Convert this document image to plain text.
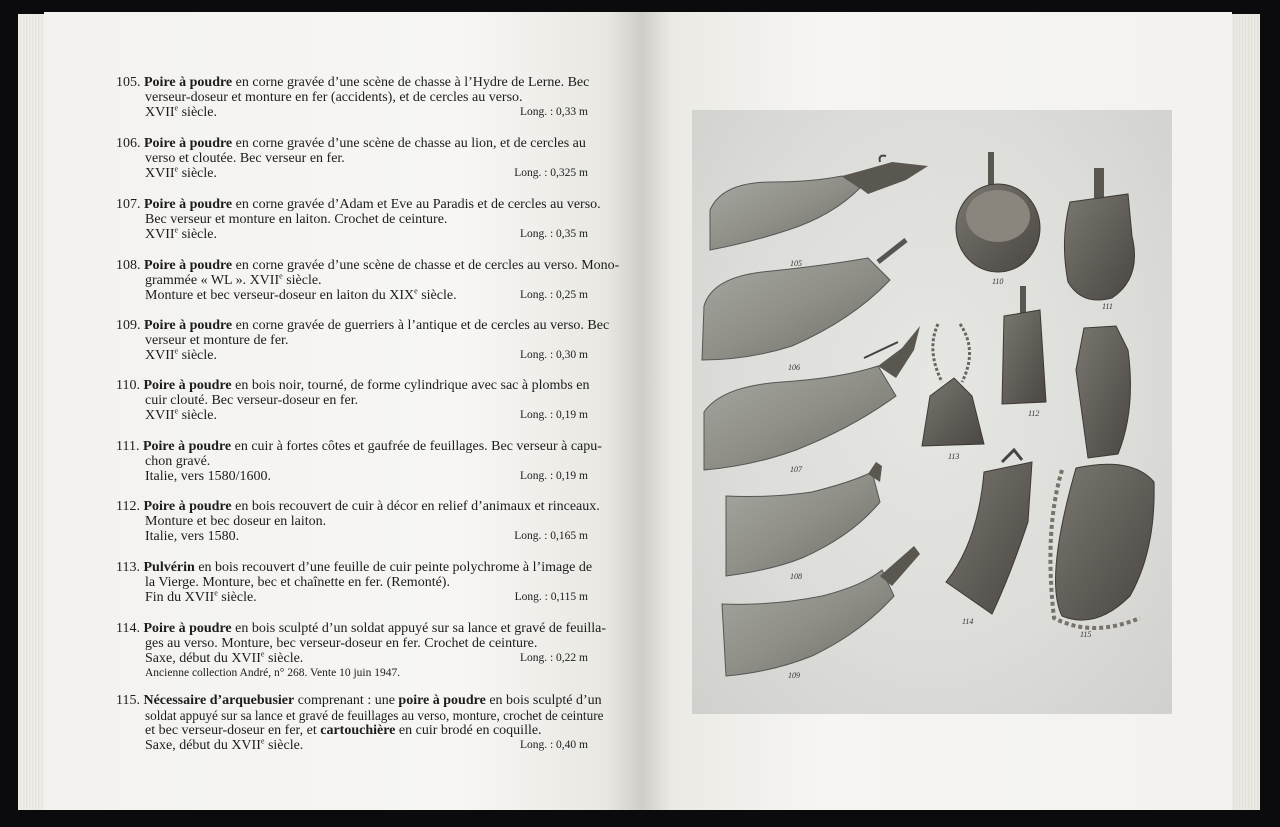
105. Poire à poudre en corne gravée d’une scène de chasse à l’Hydre de Lerne. Bec
verseur-doseur et monture en fer (accidents), et de cercles au verso.
XVIIe siècle.	Long. : 0,33 m
106. Poire à poudre en corne gravée d’une scène de chasse au lion, et de cercles au
verso et cloutée. Bec verseur en fer.
XVIIe siècle.	Long. : 0,325 m
107. Poire à poudre en corne gravée d’Adam et Eve au Paradis et de cercles au verso.
Bec verseur et monture en laiton. Crochet de ceinture.
XVIIe siècle.	Long. : 0,35 m
108. Poire à poudre en corne gravée d’une scène de chasse et de cercles au verso. Mono-
grammée « WL ». XVIIe siècle.
Monture et bec verseur-doseur en laiton du XIXe siècle.	Long. : 0,25 m
109. Poire à poudre en corne gravée de guerriers à l’antique et de cercles au verso. Bec
verseur et monture de fer.
XVIIe siècle.	Long. : 0,30 m
110. Poire à poudre en bois noir, tourné, de forme cylindrique avec sac à plombs en
cuir clouté. Bec verseur-doseur en fer.
XVIIe siècle.	Long. : 0,19 m
111. Poire à poudre en cuir à fortes côtes et gaufrée de feuillages. Bec verseur à capu-
chon gravé.
Italie, vers 1580/1600.	Long. : 0,19 m
112. Poire à poudre en bois recouvert de cuir à décor en relief d’animaux et rinceaux.
Monture et bec doseur en laiton.
Italie, vers 1580.	Long. : 0,165 m
113. Pulvérin en bois recouvert d’une feuille de cuir peinte polychrome à l’image de
la Vierge. Monture, bec et chaînette en fer. (Remonté).
Fin du XVIIe siècle.	Long. : 0,115 m
114. Poire à poudre en bois sculpté d’un soldat appuyé sur sa lance et gravé de feuilla-
ges au verso. Monture, bec verseur-doseur en fer. Crochet de ceinture.
Saxe, début du XVIIe siècle.	Long. : 0,22 m
Ancienne collection André, n° 268. Vente 10 juin 1947.
115. Nécessaire d’arquebusier comprenant : une poire à poudre en bois sculpté d’un
soldat appuyé sur sa lance et gravé de feuillages au verso, monture, crochet de ceinture
et bec verseur-doseur en fer, et cartouchière en cuir brodé en coquille.
Saxe, début du XVIIe siècle.	Long. : 0,40 m
105
106
107
108
109
110
111
112
113
114
115
